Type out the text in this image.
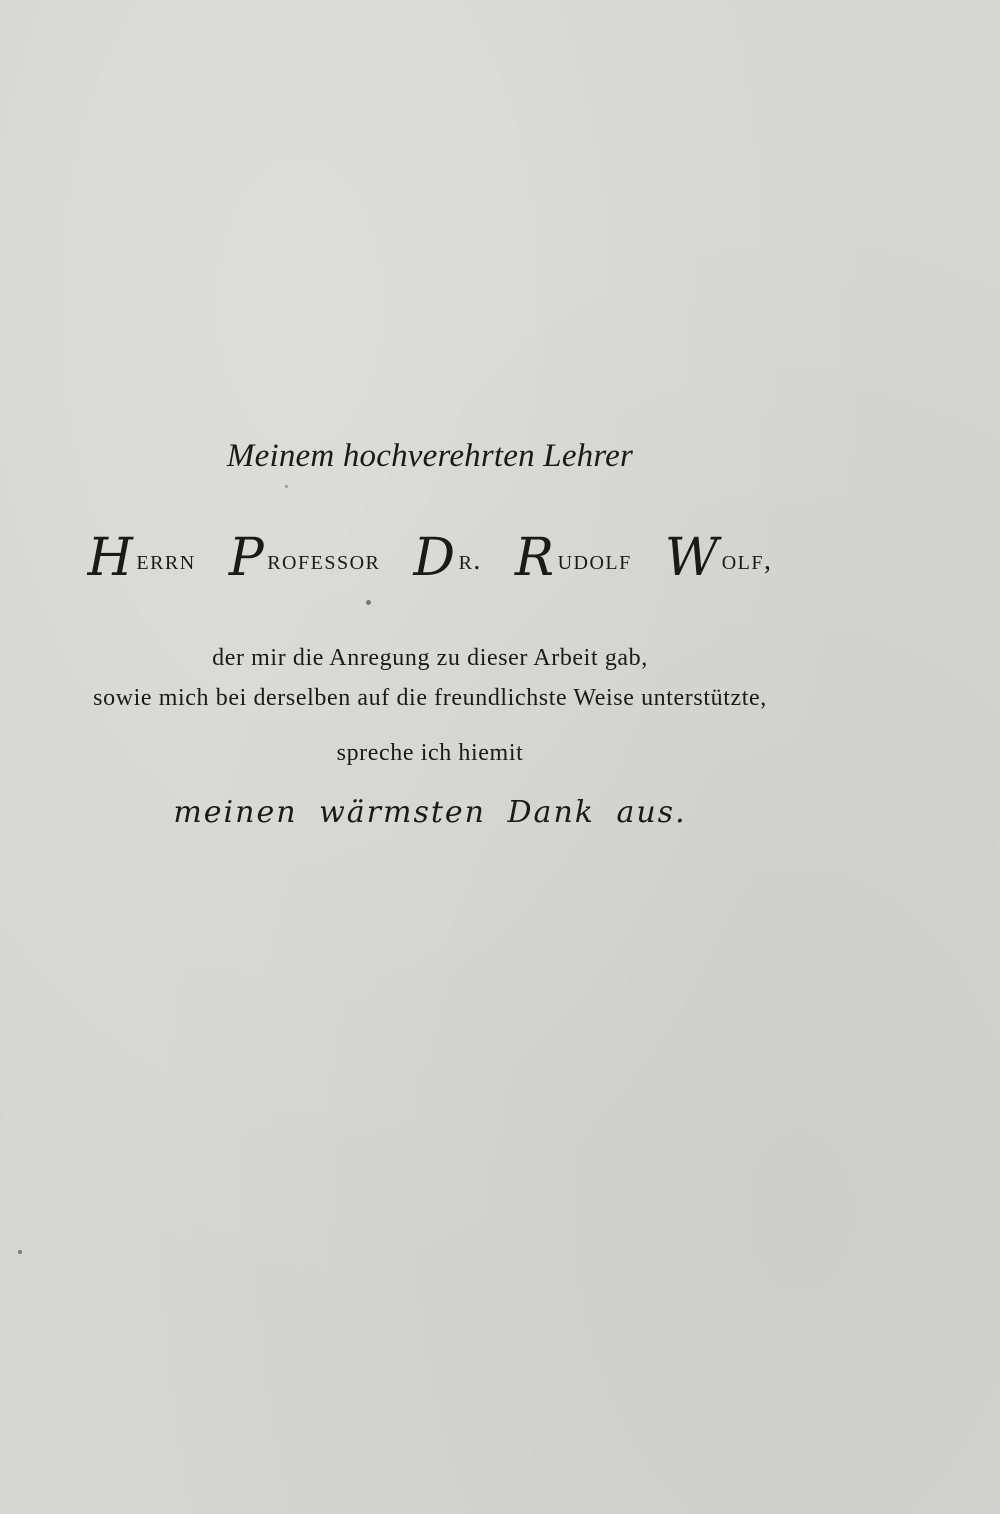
Meinem hochverehrten Lehrer
Herrn Professor Dr. Rudolf Wolf,
der mir die Anregung zu dieser Arbeit gab,
sowie mich bei derselben auf die freundlichste Weise unterstützte,
spreche ich hiemit
meinen wärmsten Dank aus.
